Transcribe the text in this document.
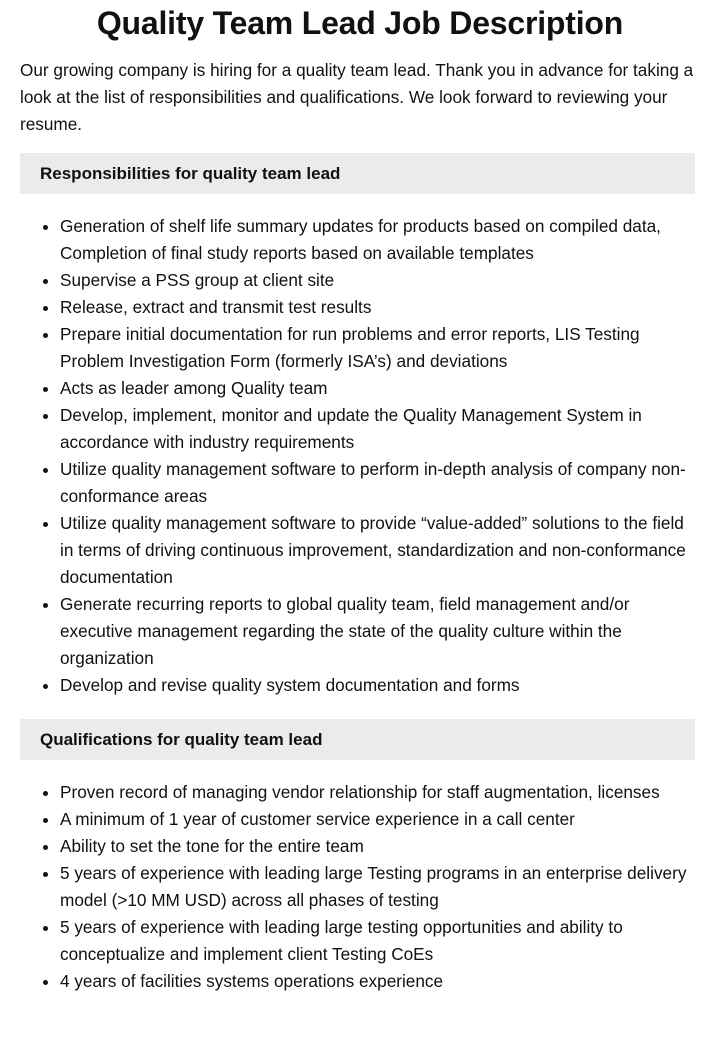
Quality Team Lead Job Description

Our growing company is hiring for a quality team lead. Thank you in advance for taking a look at the list of responsibilities and qualifications. We look forward to reviewing your resume.

Responsibilities for quality team lead
Generation of shelf life summary updates for products based on compiled data, Completion of final study reports based on available templates
Supervise a PSS group at client site
Release, extract and transmit test results
Prepare initial documentation for run problems and error reports, LIS Testing Problem Investigation Form (formerly ISA’s) and deviations
Acts as leader among Quality team
Develop, implement, monitor and update the Quality Management System in accordance with industry requirements
Utilize quality management software to perform in-depth analysis of company non-conformance areas
Utilize quality management software to provide “value-added” solutions to the field in terms of driving continuous improvement, standardization and non-conformance documentation
Generate recurring reports to global quality team, field management and/or executive management regarding the state of the quality culture within the organization
Develop and revise quality system documentation and forms
Qualifications for quality team lead
Proven record of managing vendor relationship for staff augmentation, licenses
A minimum of 1 year of customer service experience in a call center
Ability to set the tone for the entire team
5 years of experience with leading large Testing programs in an enterprise delivery model (>10 MM USD) across all phases of testing
5 years of experience with leading large testing opportunities and ability to conceptualize and implement client Testing CoEs
4 years of facilities systems operations experience
